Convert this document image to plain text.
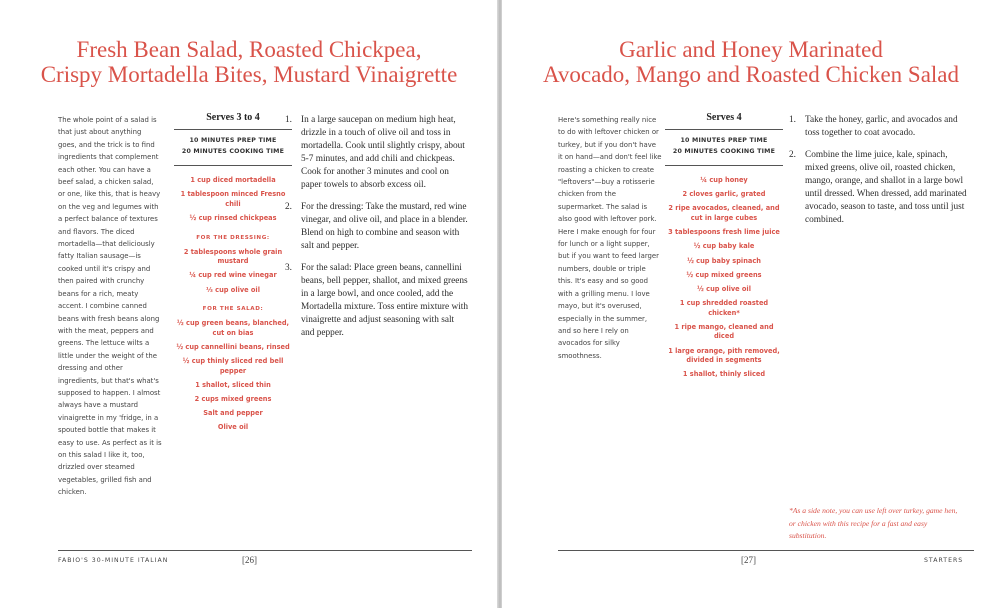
Fresh Bean Salad, Roasted Chickpea,
Crispy Mortadella Bites, Mustard Vinaigrette

The whole point of a salad is that just about anything goes, and the trick is to find ingredients that complement each other. You can have a beef salad, a chicken salad, or one, like this, that is heavy on the veg and legumes with a perfect balance of textures and flavors. The diced mortadella—that deliciously fatty Italian sausage—is cooked until it's crispy and then paired with crunchy beans for a rich, meaty accent. I combine canned beans with fresh beans along with the meat, peppers and greens. The lettuce wilts a little under the weight of the dressing and other ingredients, but that's what's supposed to happen. I almost always have a mustard vinaigrette in my 'fridge, in a spouted bottle that makes it easy to use. As perfect as it is on this salad I like it, too, drizzled over steamed vegetables, grilled fish and chicken.

Serves 3 to 4
10 MINUTES PREP TIME
20 MINUTES COOKING TIME
1 cup diced mortadella
1 tablespoon minced Fresno chili
½ cup rinsed chickpeas
FOR THE DRESSING:
2 tablespoons whole grain mustard
¼ cup red wine vinegar
⅓ cup olive oil
FOR THE SALAD:
½ cup green beans, blanched, cut on bias
½ cup cannellini beans, rinsed
½ cup thinly sliced red bell pepper
1 shallot, sliced thin
2 cups mixed greens
Salt and pepper
Olive oil
1. In a large saucepan on medium high heat, drizzle in a touch of olive oil and toss in mortadella. Cook until slightly crispy, about 5-7 minutes, and add chili and chickpeas. Cook for another 3 minutes and cool on paper towels to absorb excess oil.
2. For the dressing: Take the mustard, red wine vinegar, and olive oil, and place in a blender. Blend on high to combine and season with salt and pepper.
3. For the salad: Place green beans, cannellini beans, bell pepper, shallot, and mixed greens in a large bowl, and once cooled, add the Mortadella mixture. Toss entire mixture with vinaigrette and adjust seasoning with salt and pepper.
FABIO'S 30-MINUTE ITALIAN	[26]
Garlic and Honey Marinated
Avocado, Mango and Roasted Chicken Salad

Here's something really nice to do with leftover chicken or turkey, but if you don't have it on hand—and don't feel like roasting a chicken to create "leftovers"—buy a rotisserie chicken from the supermarket. The salad is also good with leftover pork. Here I make enough for four for lunch or a light supper, but if you want to feed larger numbers, double or triple this. It's easy and so good with a grilling menu. I love mayo, but it's overused, especially in the summer, and so here I rely on avocados for silky smoothness.

Serves 4
10 MINUTES PREP TIME
20 MINUTES COOKING TIME
¼ cup honey
2 cloves garlic, grated
2 ripe avocados, cleaned, and cut in large cubes
3 tablespoons fresh lime juice
½ cup baby kale
½ cup baby spinach
½ cup mixed greens
½ cup olive oil
1 cup shredded roasted chicken*
1 ripe mango, cleaned and diced
1 large orange, pith removed, divided in segments
1 shallot, thinly sliced
1. Take the honey, garlic, and avocados and toss together to coat avocado.
2. Combine the lime juice, kale, spinach, mixed greens, olive oil, roasted chicken, mango, orange, and shallot in a large bowl until dressed. When dressed, add marinated avocado, season to taste, and toss until just combined.

*As a side note, you can use left over turkey, game hen, or chicken with this recipe for a fast and easy substitution.

[27]	STARTERS
